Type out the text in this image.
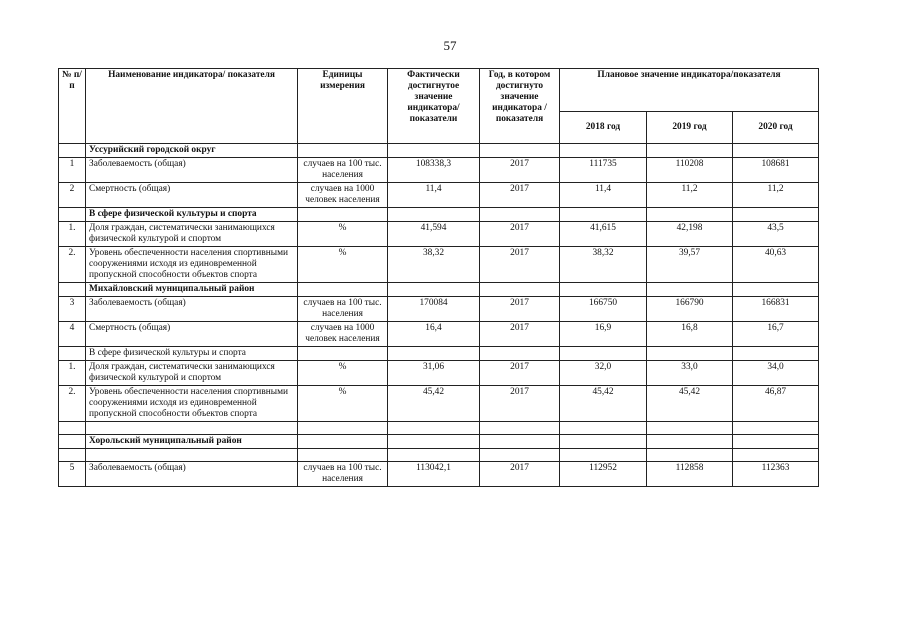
57
№ п/п	Наименование индикатора/ показателя	Единицы измерения	Фактически достигнутое значение индикатора/ показатели	Год, в котором достигнуто значение индикатора /показателя	Плановое значение индикатора/показателя		
					2018 год	2019 год	2020 год
	Уссурийский городской округ						
1	Заболеваемость (общая)	случаев на 100 тыс. населения	108338,3	2017	111735	110208	108681
2	Смертность (общая)	случаев на 1000 человек населения	11,4	2017	11,4	11,2	11,2
	В сфере физической культуры и спорта						
1.	Доля граждан, систематически занимающихся физической культурой и спортом	%	41,594	2017	41,615	42,198	43,5
2.	Уровень обеспеченности населения спортивными сооружениями исходя из единовременной пропускной способности объектов спорта	%	38,32	2017	38,32	39,57	40,63
	Михайловский муниципальный район						
3	Заболеваемость (общая)	случаев на 100 тыс. населения	170084	2017	166750	166790	166831
4	Смертность (общая)	случаев на 1000 человек населения	16,4	2017	16,9	16,8	16,7
	В сфере физической культуры и спорта						
1.	Доля граждан, систематически занимающихся физической культурой и спортом	%	31,06	2017	32,0	33,0	34,0
2.	Уровень обеспеченности населения спортивными сооружениями исходя из единовременной пропускной способности объектов спорта	%	45,42	2017	45,42	45,42	46,87

	Хорольский муниципальный район						

5	Заболеваемость (общая)	случаев на 100 тыс. населения	113042,1	2017	112952	112858	112363
